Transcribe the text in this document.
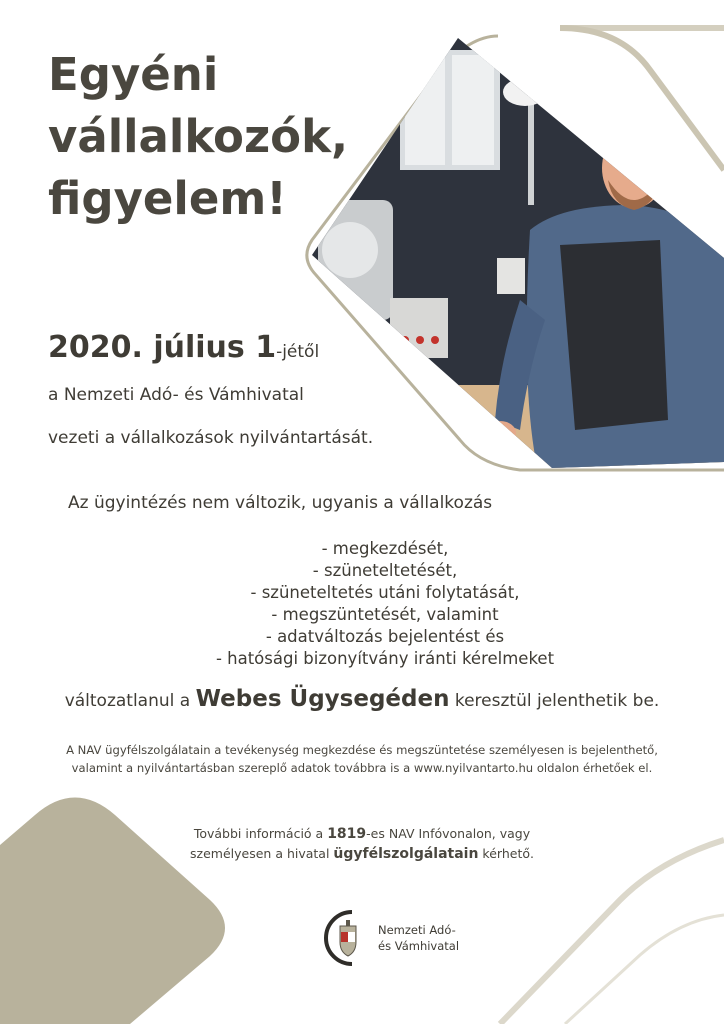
Egyéni
vállalkozók,
figyelem!
2020. július 1-jétől
a Nemzeti Adó- és Vámhivatal
vezeti a vállalkozások nyilvántartását.
Az ügyintézés nem változik, ugyanis a vállalkozás
- megkezdését,
- szüneteltetését,
- szüneteltetés utáni folytatását,
- megszüntetését, valamint
- adatváltozás bejelentést és
- hatósági bizonyítvány iránti kérelmeket
változatlanul a Webes Ügysegéden keresztül jelenthetik be.
A NAV ügyfélszolgálatain a tevékenység megkezdése és megszüntetése személyesen is bejelenthető,
valamint a nyilvántartásban szereplő adatok továbbra is a www.nyilvantarto.hu oldalon érhetőek el.
További információ a 1819-es NAV Infóvonalon, vagy
személyesen a hivatal ügyfélszolgálatain kérhető.
Nemzeti Adó-
és Vámhivatal
